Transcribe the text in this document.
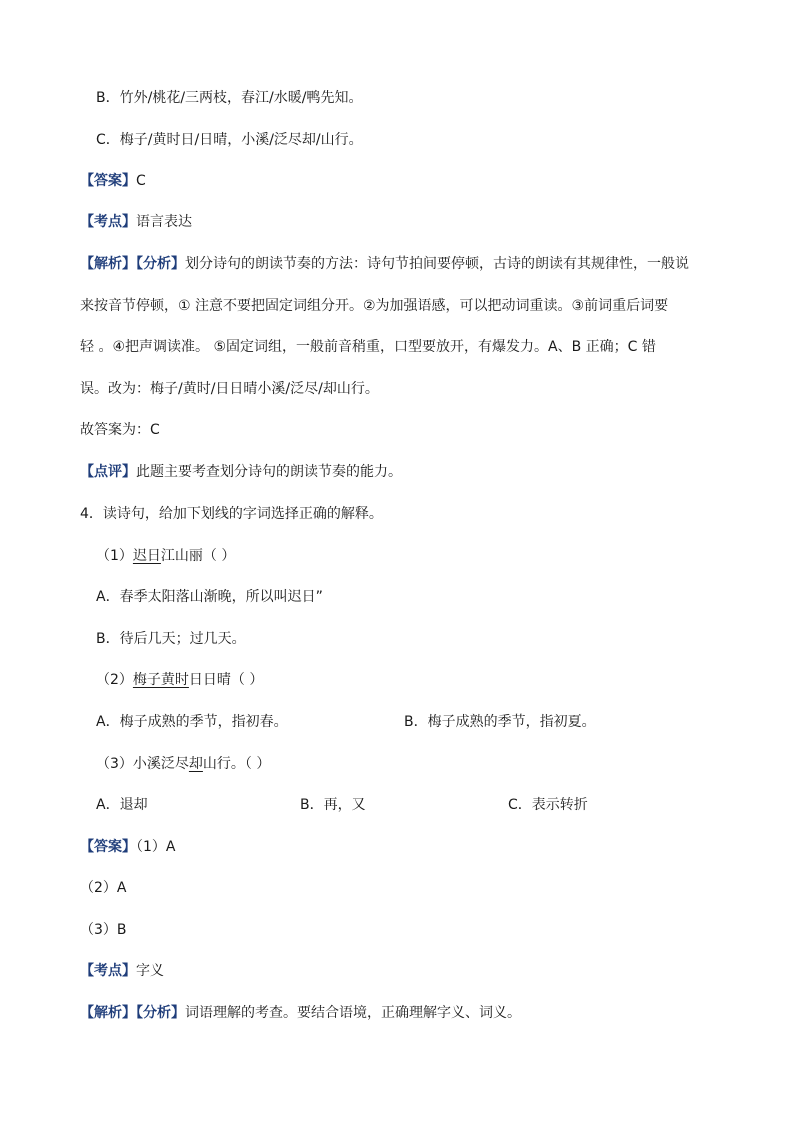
B．竹外/桃花/三两枝，春江/水暖/鸭先知。
C．梅子/黄时日/日晴，小溪/泛尽却/山行。
【答案】C
【考点】语言表达
【解析】【分析】划分诗句的朗读节奏的方法：诗句节拍间要停顿，古诗的朗读有其规律性，一般说
来按音节停顿，① 注意不要把固定词组分开。②为加强语感，可以把动词重读。③前词重后词要
轻 。④把声调读准。 ⑤固定词组，一般前音稍重，口型要放开，有爆发力。A、B 正确；C 错
误。改为：梅子/黄时/日日晴小溪/泛尽/却山行。
故答案为：C
【点评】此题主要考查划分诗句的朗读节奏的能力。
4．读诗句，给加下划线的字词选择正确的解释。
（1）迟日江山丽（ ）
A．春季太阳落山渐晚，所以叫迟日”
B．待后几天；过几天。
（2）梅子黄时日日晴（ ）
A．梅子成熟的季节，指初春。	B．梅子成熟的季节，指初夏。
（3）小溪泛尽却山行。（ ）
A．退却	B．再，又	C．表示转折
【答案】（1）A
（2）A
（3）B
【考点】字义
【解析】【分析】词语理解的考查。要结合语境，正确理解字义、词义。
